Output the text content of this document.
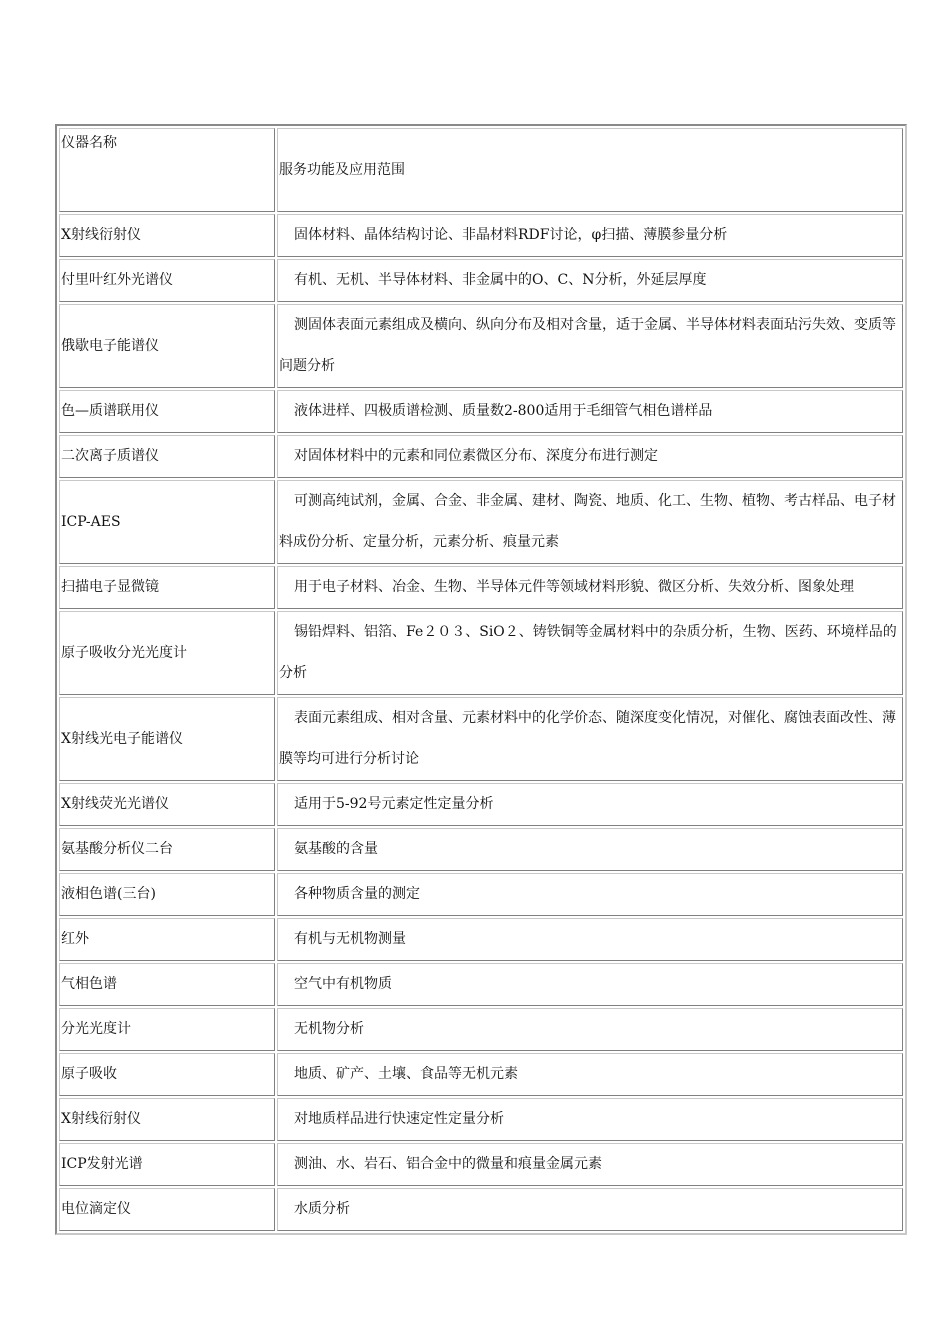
仪器名称	服务功能及应用范围
X射线衍射仪	固体材料、晶体结构讨论、非晶材料RDF讨论，φ扫描、薄膜参量分析
付里叶红外光谱仪	有机、无机、半导体材料、非金属中的O、C、N分析，外延层厚度
俄歇电子能谱仪	测固体表面元素组成及横向、纵向分布及相对含量，适于金属、半导体材料表面玷污失效、变质等问题分析
色—质谱联用仪	液体进样、四极质谱检测、质量数2-800适用于毛细管气相色谱样品
二次离子质谱仪	对固体材料中的元素和同位素微区分布、深度分布进行测定
ICP-AES	可测高纯试剂，金属、合金、非金属、建材、陶瓷、地质、化工、生物、植物、考古样品、电子材料成份分析、定量分析，元素分析、痕量元素
扫描电子显微镜	用于电子材料、冶金、生物、半导体元件等领域材料形貌、微区分析、失效分析、图象处理
原子吸收分光光度计	锡铅焊料、铝箔、Fe２０３、SiO２、铸铁铜等金属材料中的杂质分析，生物、医药、环境样品的分析
X射线光电子能谱仪	表面元素组成、相对含量、元素材料中的化学价态、随深度变化情况，对催化、腐蚀表面改性、薄膜等均可进行分析讨论
X射线荧光光谱仪	适用于5-92号元素定性定量分析
氨基酸分析仪二台	氨基酸的含量
液相色谱(三台)	各种物质含量的测定
红外	有机与无机物测量
气相色谱	空气中有机物质
分光光度计	无机物分析
原子吸收	地质、矿产、土壤、食品等无机元素
X射线衍射仪	对地质样品进行快速定性定量分析
ICP发射光谱	测油、水、岩石、铝合金中的微量和痕量金属元素
电位滴定仪	水质分析
